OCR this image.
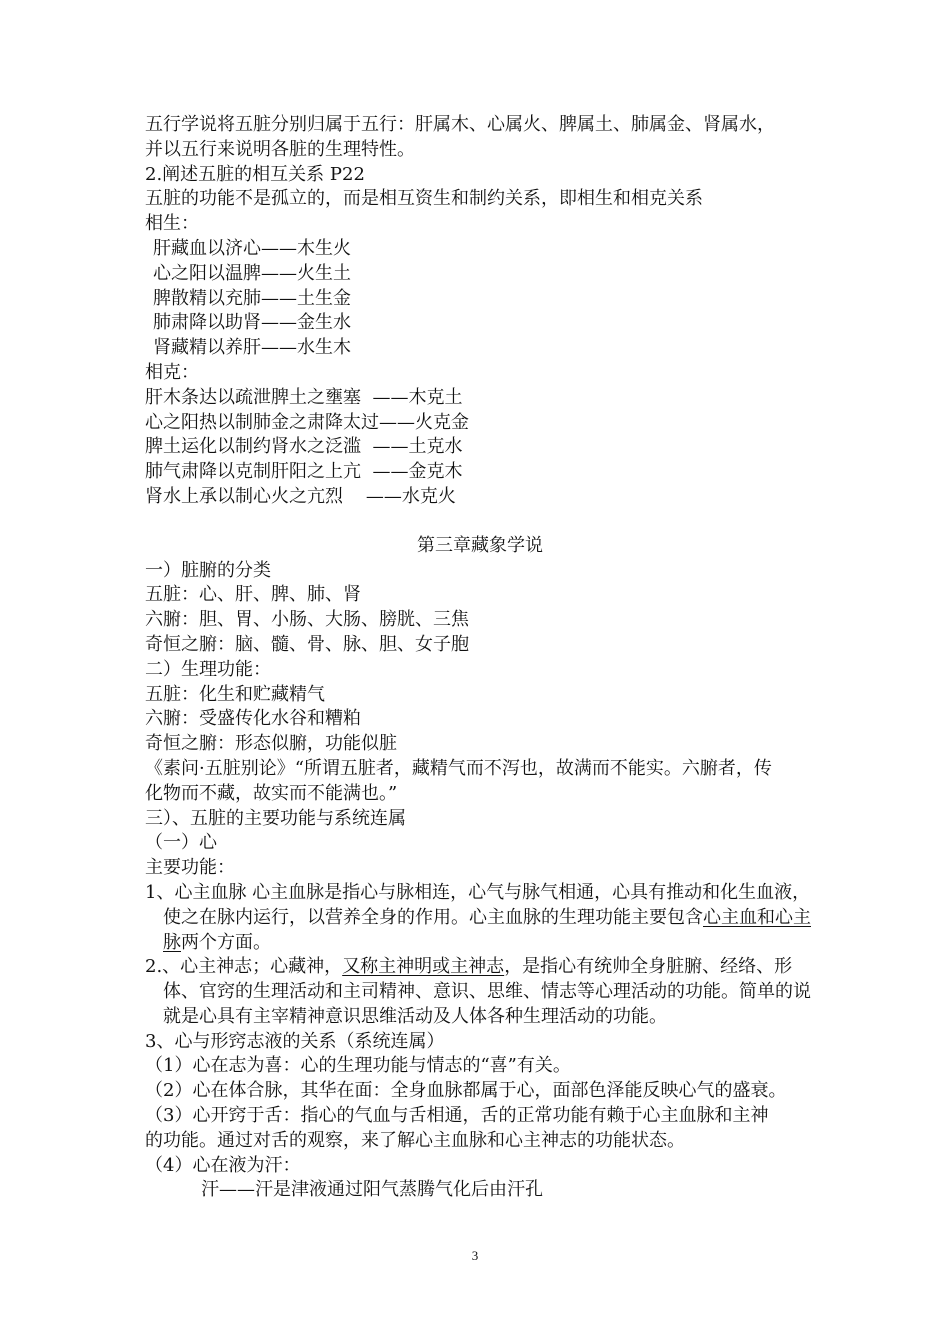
五行学说将五脏分别归属于五行：肝属木、心属火、脾属土、肺属金、肾属水，
并以五行来说明各脏的生理特性。
2.阐述五脏的相互关系 P22
五脏的功能不是孤立的，而是相互资生和制约关系，即相生和相克关系
相生：
肝藏血以济心——木生火
心之阳以温脾——火生土
脾散精以充肺——土生金
肺肃降以助肾——金生水
肾藏精以养肝——水生木
相克：
肝木条达以疏泄脾土之壅塞  ——木克土
心之阳热以制肺金之肃降太过——火克金
脾土运化以制约肾水之泛滥  ——土克水
肺气肃降以克制肝阳之上亢  ——金克木
肾水上承以制心火之亢烈    ——水克火
第三章藏象学说
一）脏腑的分类
五脏：心、肝、脾、肺、肾
六腑：胆、胃、小肠、大肠、膀胱、三焦
奇恒之腑：脑、髓、骨、脉、胆、女子胞
二）生理功能：
五脏：化生和贮藏精气
六腑：受盛传化水谷和糟粕
奇恒之腑：形态似腑，功能似脏
《素问·五脏别论》“所谓五脏者，藏精气而不泻也，故满而不能实。六腑者，传
化物而不藏，故实而不能满也。”
三）、五脏的主要功能与系统连属
（一）心
主要功能：
1、心主血脉 心主血脉是指心与脉相连，心气与脉气相通，心具有推动和化生血液，使之在脉内运行，以营养全身的作用。心主血脉的生理功能主要包含心主血和心主脉两个方面。
2.、心主神志；心藏神，又称主神明或主神志，是指心有统帅全身脏腑、经络、形体、官窍的生理活动和主司精神、意识、思维、情志等心理活动的功能。简单的说就是心具有主宰精神意识思维活动及人体各种生理活动的功能。
3、心与形窍志液的关系（系统连属）
（1）心在志为喜：心的生理功能与情志的“喜”有关。
（2）心在体合脉，其华在面：全身血脉都属于心，面部色泽能反映心气的盛衰。
（3）心开窍于舌：指心的气血与舌相通，舌的正常功能有赖于心主血脉和主神
的功能。通过对舌的观察，来了解心主血脉和心主神志的功能状态。
（4）心在液为汗：
汗——汗是津液通过阳气蒸腾气化后由汗孔
3
